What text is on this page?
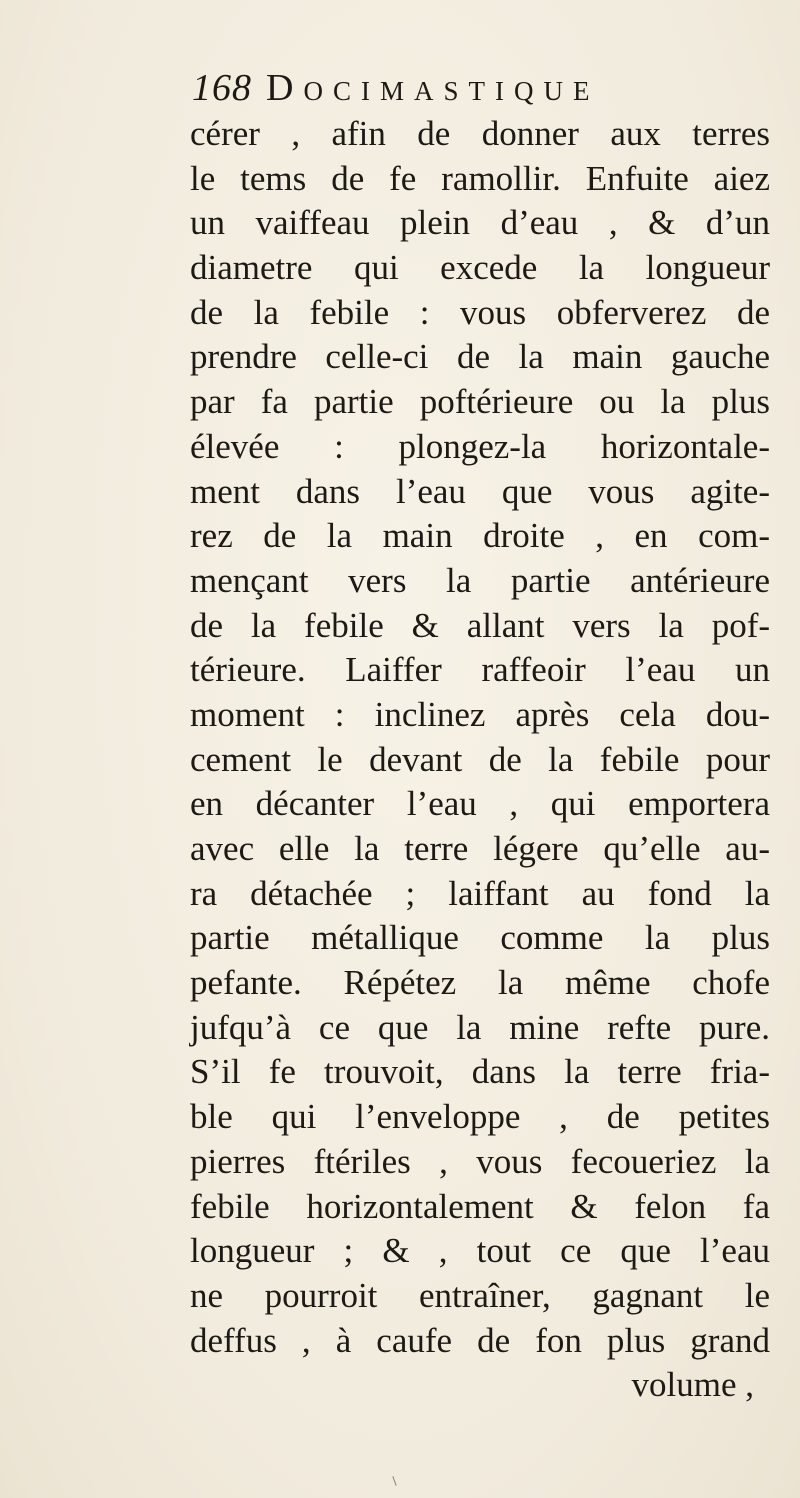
168 Docimastique
cérer , afin de donner aux terres
le tems de fe ramollir. Enfuite aiez
un vaiffeau plein d’eau , & d’un
diametre qui excede la longueur
de la febile : vous obferverez de
prendre celle-ci de la main gauche
par fa partie poftérieure ou la plus
élevée : plongez-la horizontale-
ment dans l’eau que vous agite-
rez de la main droite , en com-
mençant vers la partie antérieure
de la febile & allant vers la pof-
térieure. Laiffer raffeoir l’eau un
moment : inclinez après cela dou-
cement le devant de la febile pour
en décanter l’eau , qui emportera
avec elle la terre légere qu’elle au-
ra détachée ; laiffant au fond la
partie métallique comme la plus
pefante. Répétez la même chofe
jufqu’à ce que la mine refte pure.
S’il fe trouvoit, dans la terre fria-
ble qui l’enveloppe , de petites
pierres ftériles , vous fecoueriez la
febile horizontalement & felon fa
longueur ; & , tout ce que l’eau
ne pourroit entraîner, gagnant le
deffus , à caufe de fon plus grand
volume ,
